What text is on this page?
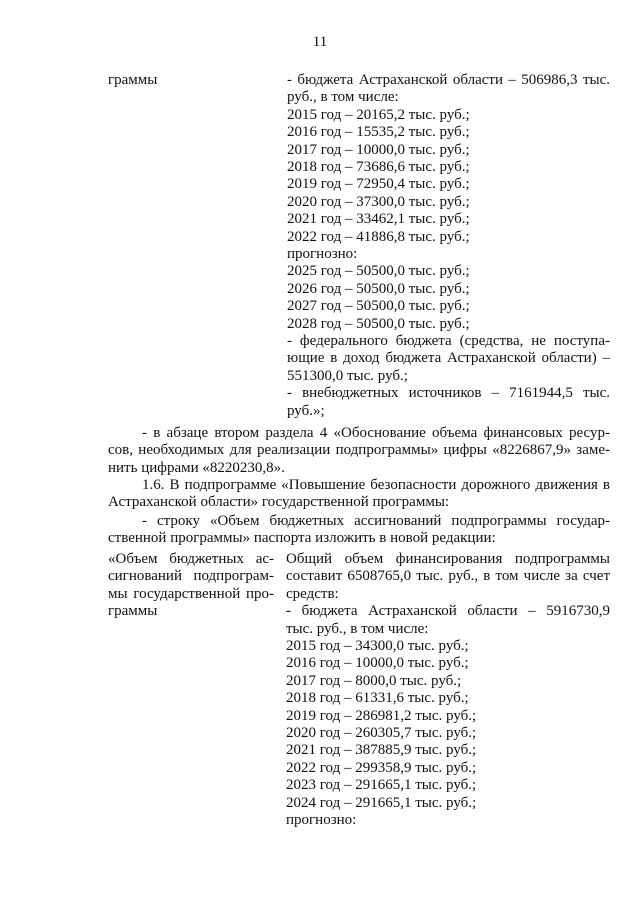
11
граммы	- бюджета Астраханской области – 506986,3 тыс.
руб., в том числе:
2015 год – 20165,2 тыс. руб.;
2016 год – 15535,2 тыс. руб.;
2017 год – 10000,0 тыс. руб.;
2018 год – 73686,6 тыс. руб.;
2019 год – 72950,4 тыс. руб.;
2020 год – 37300,0 тыс. руб.;
2021 год – 33462,1 тыс. руб.;
2022 год – 41886,8 тыс. руб.;
прогнозно:
2025 год – 50500,0 тыс. руб.;
2026 год – 50500,0 тыс. руб.;
2027 год – 50500,0 тыс. руб.;
2028 год – 50500,0 тыс. руб.;
- федерального бюджета (средства, не поступа-
ющие в доход бюджета Астраханской области) –
551300,0 тыс. руб.;
- внебюджетных источников – 7161944,5 тыс.
руб.»;
- в абзаце втором раздела 4 «Обоснование объема финансовых ресур-
сов, необходимых для реализации подпрограммы» цифры «8226867,9» заме-
нить цифрами «8220230,8».
1.6. В подпрограмме «Повышение безопасности дорожного движения в
Астраханской области» государственной программы:
- строку «Объем бюджетных ассигнований подпрограммы государ-
ственной программы» паспорта изложить в новой редакции:
«Объем бюджетных ас-
сигнований подпрограм-
мы государственной про-
граммы
Общий объем финансирования подпрограммы
составит 6508765,0 тыс. руб., в том числе за счет
средств:
- бюджета Астраханской области – 5916730,9
тыс. руб., в том числе:
2015 год – 34300,0 тыс. руб.;
2016 год – 10000,0 тыс. руб.;
2017 год – 8000,0 тыс. руб.;
2018 год – 61331,6 тыс. руб.;
2019 год – 286981,2 тыс. руб.;
2020 год – 260305,7 тыс. руб.;
2021 год – 387885,9 тыс. руб.;
2022 год – 299358,9 тыс. руб.;
2023 год – 291665,1 тыс. руб.;
2024 год – 291665,1 тыс. руб.;
прогнозно:
